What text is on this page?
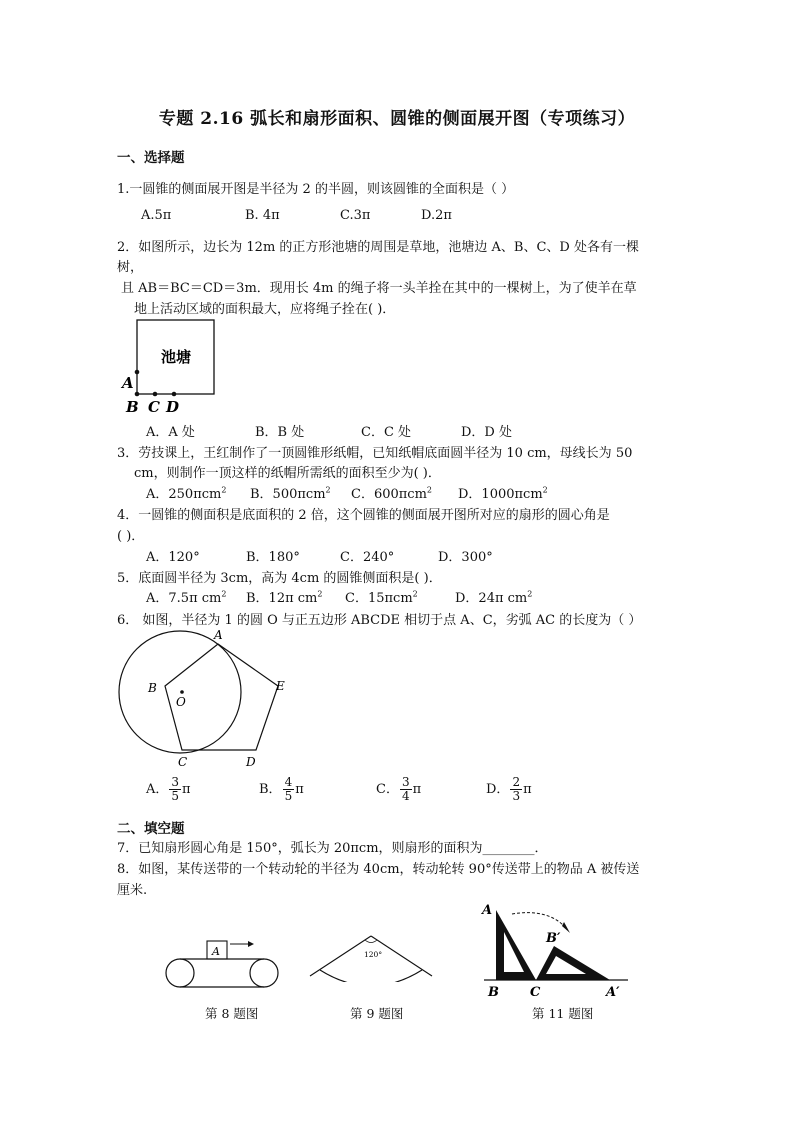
专题 2.16 弧长和扇形面积、圆锥的侧面展开图（专项练习）
一、选择题
1.一圆锥的侧面展开图是半径为 2 的半圆，则该圆锥的全面积是（ ）
A.5π	B. 4π	C.3π	D.2π
2．如图所示，边长为 12m 的正方形池塘的周围是草地，池塘边 A、B、C、D 处各有一棵
树，
且 AB＝BC＝CD＝3m．现用长 4m 的绳子将一头羊拴在其中的一棵树上，为了使羊在草
地上活动区域的面积最大，应将绳子拴在( )．
池塘
A
B C D
A．A 处	B．B 处	C．C 处	D．D 处
3．劳技课上，王红制作了一顶圆锥形纸帽，已知纸帽底面圆半径为 10 cm，母线长为 50
cm，则制作一顶这样的纸帽所需纸的面积至少为( )．
A．250πcm$^2$ B．500πcm$^2$ C．600πcm$^2$ D．1000πcm$^2$
4．一圆锥的侧面积是底面积的 2 倍，这个圆锥的侧面展开图所对应的扇形的圆心角是
( )．
A．120°	B．180°	C．240°	D．300°
5．底面圆半径为 3cm，高为 4cm 的圆锥侧面积是( )．
A．7.5π $cm^2$ B．12π $cm^2$ C．15πcm$^2$	D．24π $cm^2$
6． 如图，半径为 1 的圆 O 与正五边形 ABCDE 相切于点 A、C，劣弧 AC 的长度为（ ）
A
B
O
E
C	D
A． $\frac{3}{5}$ π	B． $\frac{4}{5}$ π	C． $\frac{3}{4}$ π	D． $\frac{2}{3}$ π
二、填空题
7．已知扇形圆心角是 150°，弧长为 20πcm，则扇形的面积为________．
8．如图，某传送带的一个转动轮的半径为 40cm，转动轮转 90°传送带上的物品 A 被传送
厘米.
A	120°
A
B′
B C	A′
第 8 题图	第 9 题图	第 11 题图
